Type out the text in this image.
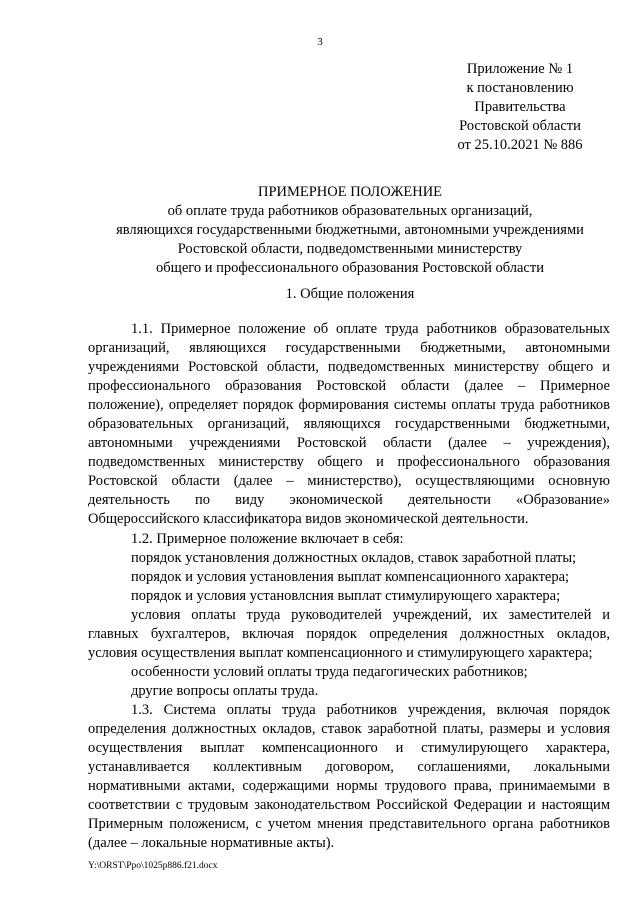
3
Приложение № 1
к постановлению
Правительства
Ростовской области
от 25.10.2021 № 886
ПРИМЕРНОЕ ПОЛОЖЕНИЕ
об оплате труда работников образовательных организаций,
являющихся государственными бюджетными, автономными учреждениями
Ростовской области, подведомственными министерству
общего и профессионального образования Ростовской области
1. Общие положения

1.1. Примерное положение об оплате труда работников образовательных организаций, являющихся государственными бюджетными, автономными учреждениями Ростовской области, подведомственных министерству общего и профессионального образования Ростовской области (далее – Примерное положение), определяет порядок формирования системы оплаты труда работников образовательных организаций, являющихся государственными бюджетными, автономными учреждениями Ростовской области (далее – учреждения), подведомственных министерству общего и профессионального образования Ростовской области (далее – министерство), осуществляющими основную деятельность по виду экономической деятельности «Образование» Общероссийского классификатора видов экономической деятельности.

1.2. Примерное положение включает в себя:

порядок установления должностных окладов, ставок заработной платы;

порядок и условия установления выплат компенсационного характера;

порядок и условия установлсния выплат стимулирующего характера;

условия оплаты труда руководителей учреждений, их заместителей и главных бухгалтеров, включая порядок определения должностных окладов, условия осуществления выплат компенсационного и стимулирующего характера;

особенности условий оплаты труда педагогических работников;

другие вопросы оплаты труда.

1.3. Система оплаты труда работников учреждения, включая порядок определения должностных окладов, ставок заработной платы, размеры и условия осуществления выплат компенсационного и стимулирующего характера, устанавливается коллективным договором, соглашениями, локальными нормативными актами, содержащими нормы трудового права, принимаемыми в соответствии с трудовым законодательством Российской Федерации и настоящим Примерным положенисм, с учетом мнения представительного органа работников (далее – локальные нормативные акты).

Y:\ORST\Ppo\1025p886.f21.docx
